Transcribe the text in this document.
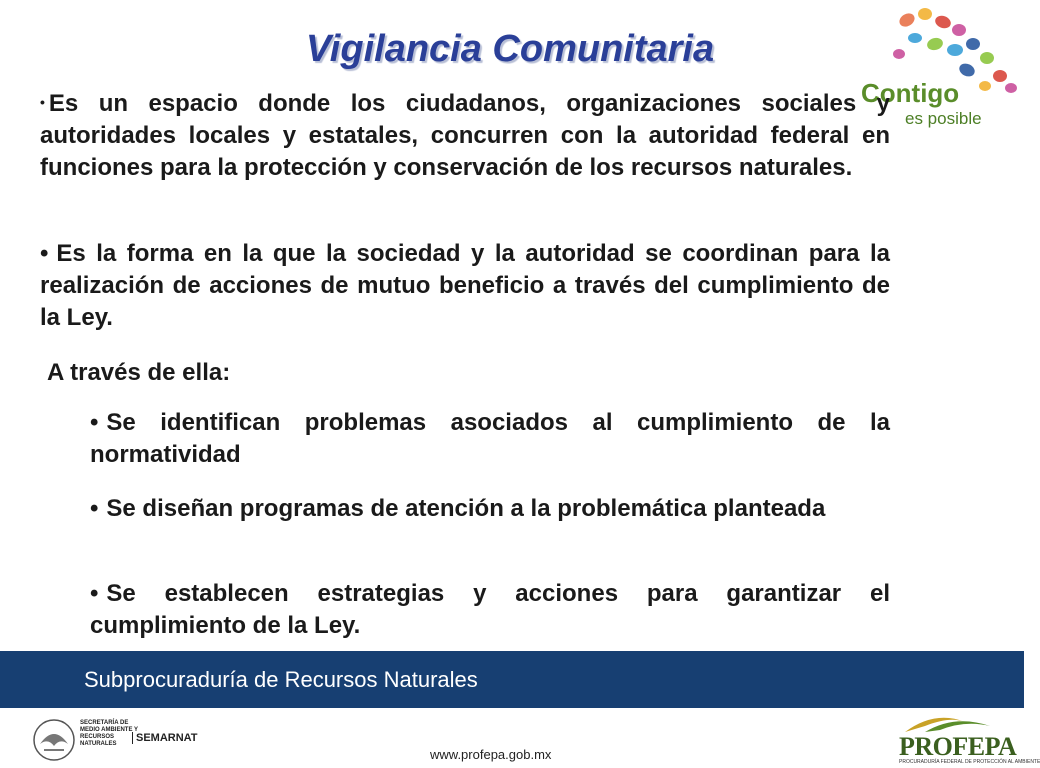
Vigilancia Comunitaria
Contigo
es posible
• Es un espacio donde los ciudadanos, organizaciones sociales y autoridades locales y estatales, concurren con la autoridad federal en funciones para la protección y conservación de los recursos naturales.
• Es la forma en la que la sociedad y la autoridad se coordinan para la realización de acciones de mutuo beneficio a través del cumplimiento de la Ley.
A través de ella:
• Se identifican problemas asociados al cumplimiento de la normatividad
• Se diseñan programas de atención a la problemática planteada
• Se establecen estrategias y acciones para garantizar el cumplimiento de la Ley.
Subprocuraduría de Recursos Naturales
SECRETARÍA DE MEDIO AMBIENTE Y RECURSOS NATURALES	SEMARNAT
www.profepa.gob.mx	PROFEPA
PROCURADURÍA FEDERAL DE PROTECCIÓN AL AMBIENTE
